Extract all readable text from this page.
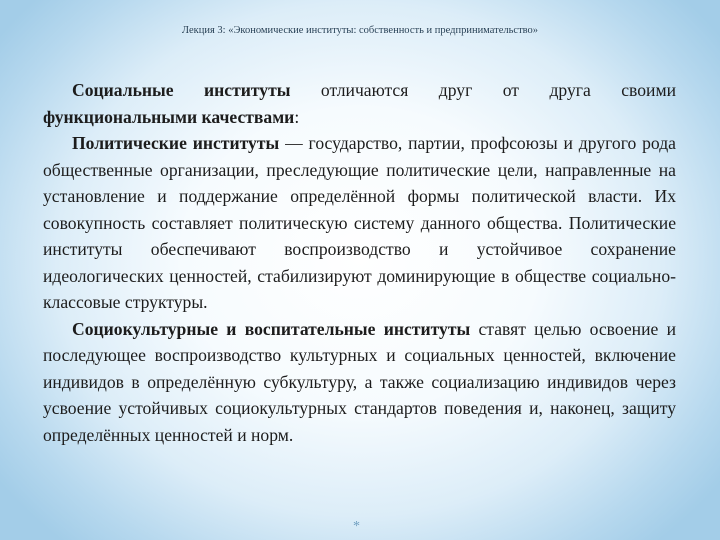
Лекция 3: «Экономические институты: собственность и предпринимательство»

Социальные институты отличаются друг от друга своими функциональными качествами:

Политические институты — государство, партии, профсоюзы и другого рода общественные организации, преследующие политические цели, направленные на установление и поддержание определённой формы политической власти. Их совокупность составляет политическую систему данного общества. Политические институты обеспечивают воспроизводство и устойчивое сохранение идеологических ценностей, стабилизируют доминирующие в обществе социально-классовые структуры.

Социокультурные и воспитательные институты ставят целью освоение и последующее воспроизводство культурных и социальных ценностей, включение индивидов в определённую субкультуру, а также социализацию индивидов через усвоение устойчивых социокультурных стандартов поведения и, наконец, защиту определённых ценностей и норм.

*
